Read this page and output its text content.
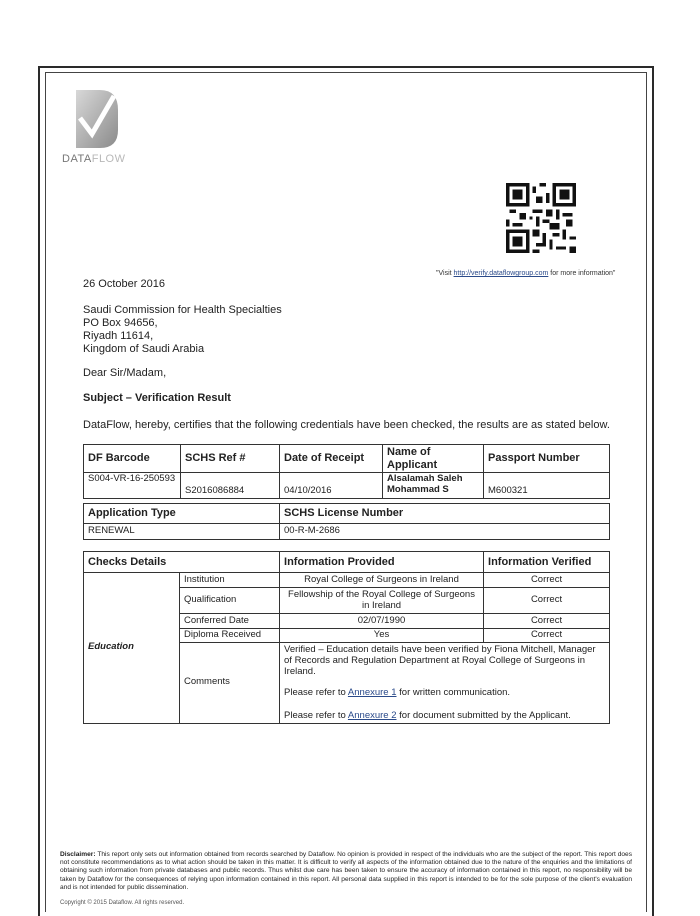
DATAFLOW
"Visit http://verify.dataflowgroup.com for more information"
26 October 2016
Saudi Commission for Health Specialties
PO Box 94656,
Riyadh 11614,
Kingdom of Saudi Arabia
Dear Sir/Madam,
Subject – Verification Result
DataFlow, hereby, certifies that the following credentials have been checked, the results are as stated below.
DF Barcode	SCHS Ref #	Date of Receipt	Name of Applicant	Passport Number
S004-VR-16-250593	S2016086884	04/10/2016	Alsalamah Saleh Mohammad S	M600321
Application Type	SCHS License Number
RENEWAL	00-R-M-2686
Checks Details		Information Provided	Information Verified
Education	Institution	Royal College of Surgeons in Ireland	Correct
	Qualification	Fellowship of the Royal College of Surgeons in Ireland	Correct
	Conferred Date	02/07/1990	Correct
	Diploma Received	Yes	Correct
	Comments	Verified – Education details have been verified by Fiona Mitchell, Manager of Records and Regulation Department at Royal College of Surgeons in Ireland.
Please refer to Annexure 1 for written communication.
Please refer to Annexure 2 for document submitted by the Applicant.	
Disclaimer: This report only sets out information obtained from records searched by Dataflow. No opinion is provided in respect of the individuals who are the subject of the report. This report does not constitute recommendations as to what action should be taken in this matter. It is difficult to verify all aspects of the information obtained due to the nature of the enquiries and the limitations of obtaining such information from private databases and public records. Thus whilst due care has been taken to ensure the accuracy of information contained in this report, no responsibility will be taken by Dataflow for the consequences of relying upon information contained in this report. All personal data supplied in this report is intended to be for the sole purpose of the client's evaluation and is not intended for public dissemination.
Copyright © 2015 Dataflow. All rights reserved.
